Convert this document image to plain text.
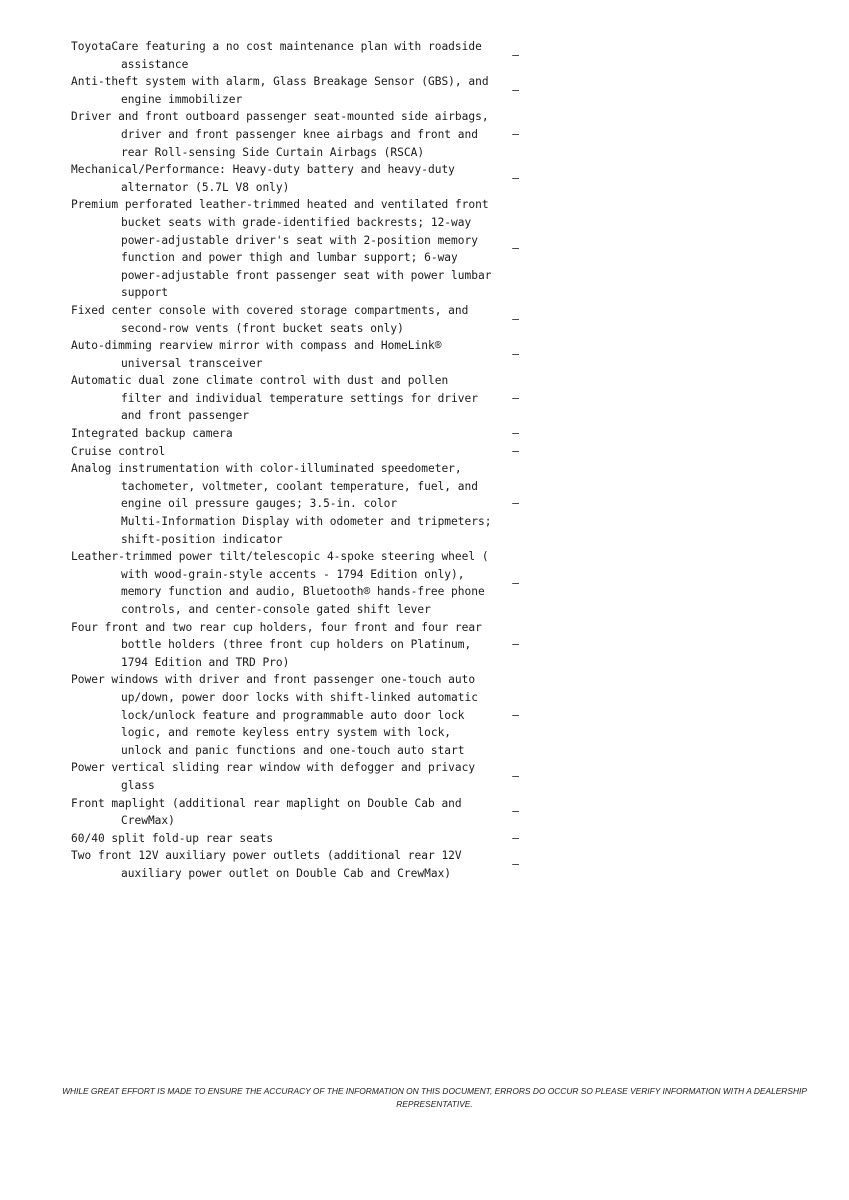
ToyotaCare featuring a no cost maintenance plan with roadside
assistance
–
Anti-theft system with alarm, Glass Breakage Sensor (GBS), and
engine immobilizer
–
Driver and front outboard passenger seat-mounted side airbags,
driver and front passenger knee airbags and front and
rear Roll-sensing Side Curtain Airbags (RSCA)
–
Mechanical/Performance: Heavy-duty battery and heavy-duty
alternator (5.7L V8 only)
–
Premium perforated leather-trimmed heated and ventilated front
bucket seats with grade-identified backrests; 12-way
power-adjustable driver's seat with 2-position memory
function and power thigh and lumbar support; 6-way
power-adjustable front passenger seat with power lumbar
support
–
Fixed center console with covered storage compartments, and
second-row vents (front bucket seats only)
–
Auto-dimming rearview mirror with compass and HomeLink®
universal transceiver
–
Automatic dual zone climate control with dust and pollen
filter and individual temperature settings for driver
and front passenger
–
Integrated backup camera	–
Cruise control	–
Analog instrumentation with color-illuminated speedometer,
tachometer, voltmeter, coolant temperature, fuel, and
engine oil pressure gauges; 3.5-in. color
Multi-Information Display with odometer and tripmeters;
shift-position indicator
–
Leather-trimmed power tilt/telescopic 4-spoke steering wheel (
with wood-grain-style accents - 1794 Edition only),
memory function and audio, Bluetooth® hands-free phone
controls, and center-console gated shift lever
–
Four front and two rear cup holders, four front and four rear
bottle holders (three front cup holders on Platinum,
1794 Edition and TRD Pro)
–
Power windows with driver and front passenger one-touch auto
up/down, power door locks with shift-linked automatic
lock/unlock feature and programmable auto door lock
logic, and remote keyless entry system with lock,
unlock and panic functions and one-touch auto start
–
Power vertical sliding rear window with defogger and privacy
glass
–
Front maplight (additional rear maplight on Double Cab and
CrewMax)
–
60/40 split fold-up rear seats	–
Two front 12V auxiliary power outlets (additional rear 12V
auxiliary power outlet on Double Cab and CrewMax)
–
WHILE GREAT EFFORT IS MADE TO ENSURE THE ACCURACY OF THE INFORMATION ON THIS DOCUMENT, ERRORS DO OCCUR SO PLEASE VERIFY INFORMATION WITH A DEALERSHIP REPRESENTATIVE.
